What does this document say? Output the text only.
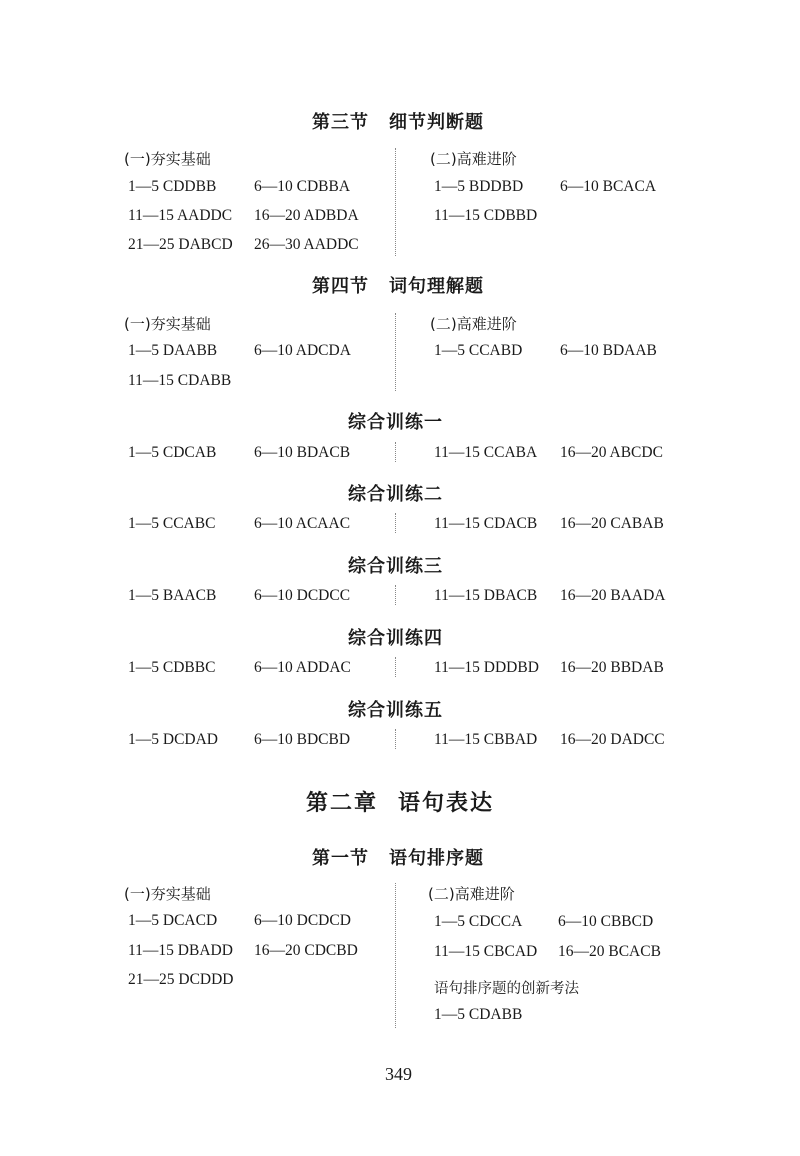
第三节 细节判断题
(一)夯实基础
1—5 CDDBB 6—10 CDBBA
11—15 AADDC 16—20 ADBDA
21—25 DABCD 26—30 AADDC
(二)高难进阶
1—5 BDDBD 6—10 BCACA
11—15 CDBBD
第四节 词句理解题
(一)夯实基础
1—5 DAABB 6—10 ADCDA
11—15 CDABB
(二)高难进阶
1—5 CCABD 6—10 BDAAB
综合训练一
1—5 CDCAB 6—10 BDACB	11—15 CCABA 16—20 ABCDC
综合训练二
1—5 CCABC 6—10 ACAAC	11—15 CDACB 16—20 CABAB
综合训练三
1—5 BAACB 6—10 DCDCC	11—15 DBACB 16—20 BAADA
综合训练四
1—5 CDBBC 6—10 ADDAC	11—15 DDDBD 16—20 BBDAB
综合训练五
1—5 DCDAD 6—10 BDCBD	11—15 CBBAD 16—20 DADCC
第二章 语句表达
第一节 语句排序题
(一)夯实基础
1—5 DCACD 6—10 DCDCD
11—15 DBADD 16—20 CDCBD
21—25 DCDDD
(二)高难进阶
1—5 CDCCA 6—10 CBBCD
11—15 CBCAD 16—20 BCACB
语句排序题的创新考法
1—5 CDABB
349
